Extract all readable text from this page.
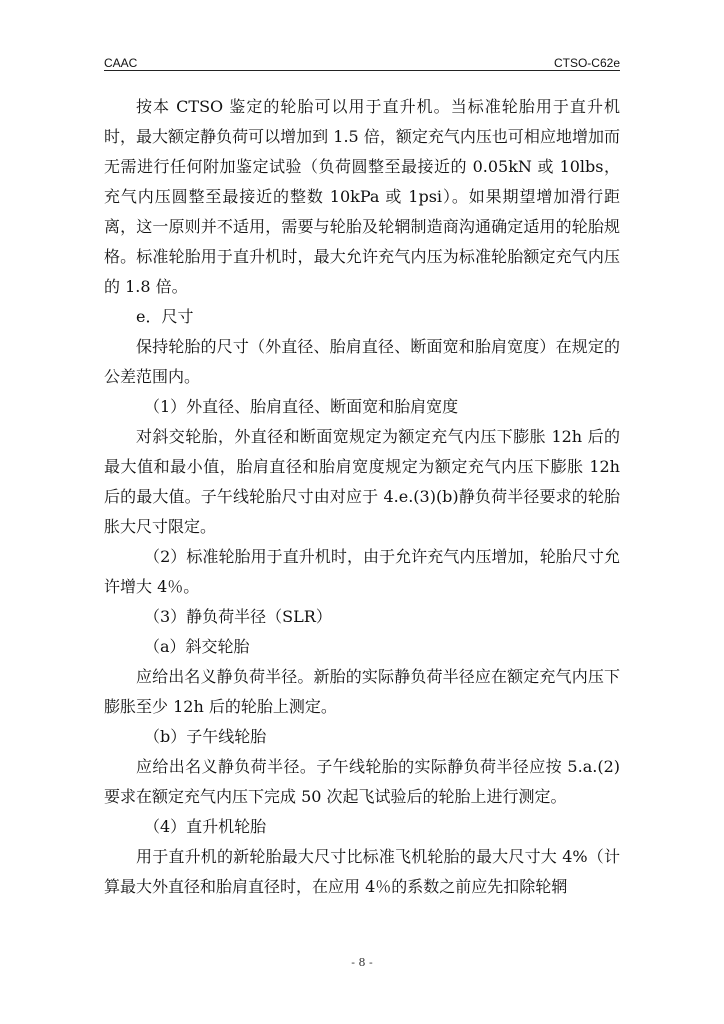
CAAC	CTSO-C62e

按本 CTSO 鉴定的轮胎可以用于直升机。当标准轮胎用于直升机时，最大额定静负荷可以增加到 1.5 倍，额定充气内压也可相应地增加而无需进行任何附加鉴定试验（负荷圆整至最接近的 0.05kN 或 10lbs，充气内压圆整至最接近的整数 10kPa 或 1psi）。如果期望增加滑行距离，这一原则并不适用，需要与轮胎及轮辋制造商沟通确定适用的轮胎规格。标准轮胎用于直升机时，最大允许充气内压为标准轮胎额定充气内压的 1.8 倍。

e．尺寸

保持轮胎的尺寸（外直径、胎肩直径、断面宽和胎肩宽度）在规定的公差范围内。

（1）外直径、胎肩直径、断面宽和胎肩宽度

对斜交轮胎，外直径和断面宽规定为额定充气内压下膨胀 12h 后的最大值和最小值，胎肩直径和胎肩宽度规定为额定充气内压下膨胀 12h 后的最大值。子午线轮胎尺寸由对应于 4.e.(3)(b)静负荷半径要求的轮胎胀大尺寸限定。

（2）标准轮胎用于直升机时，由于允许充气内压增加，轮胎尺寸允许增大 4％。

（3）静负荷半径（SLR）

（a）斜交轮胎

应给出名义静负荷半径。新胎的实际静负荷半径应在额定充气内压下膨胀至少 12h 后的轮胎上测定。

（b）子午线轮胎

应给出名义静负荷半径。子午线轮胎的实际静负荷半径应按 5.a.(2)要求在额定充气内压下完成 50 次起飞试验后的轮胎上进行测定。

（4）直升机轮胎

用于直升机的新轮胎最大尺寸比标准飞机轮胎的最大尺寸大 4%（计算最大外直径和胎肩直径时，在应用 4％的系数之前应先扣除轮辋

- 8 -
